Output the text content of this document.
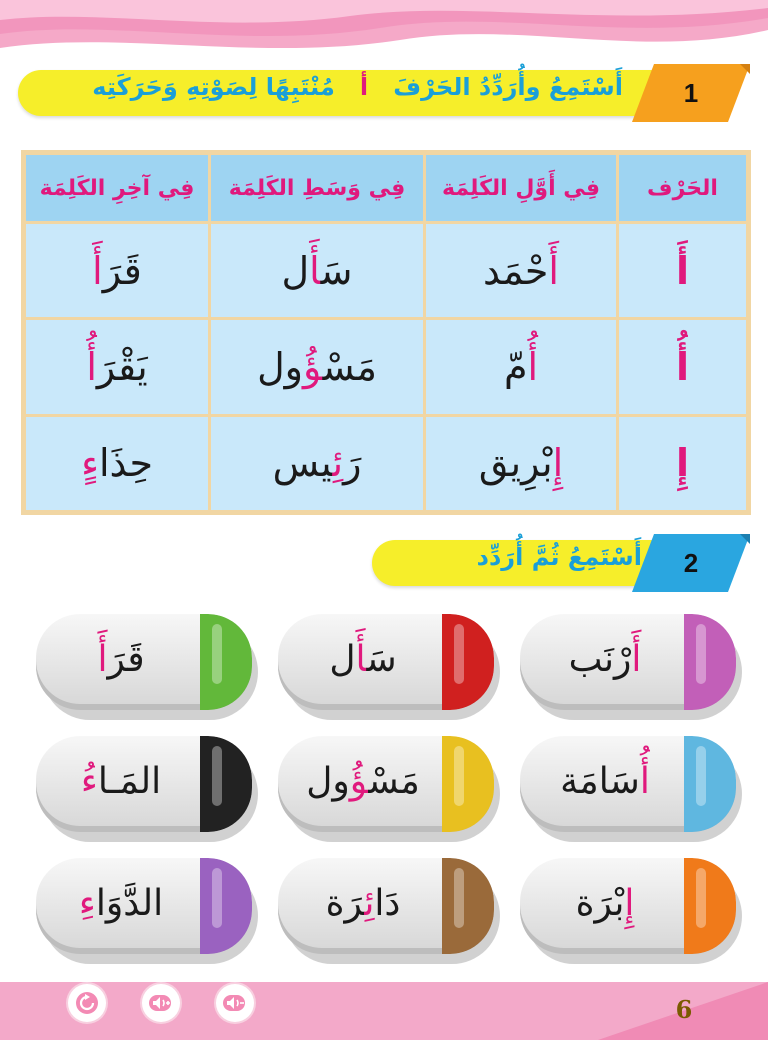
أَسْتَمِعُ وأُرَدِّدُ الحَرْفَ   أ   مُنْتَبِهًا لِصَوْتِهِ وَحَرَكَتِه	1
فِي آخِرِ الكَلِمَة	فِي وَسَطِ الكَلِمَة	فِي أَوَّلِ الكَلِمَة	الحَرْف
قَرَأَ	سَأَل	أَحْمَد	أَ
يَقْرَأُ	مَسْؤُول	أُمّ	أُ
حِذَاءٍ	رَئِيس	إِبْرِيق	إِ
أَسْتَمِعُ ثُمَّ أُرَدِّد	2
أَرْنَب
سَأَل
قَرَأَ
أُسَامَة
مَسْؤُول
المَـاءُ
إِبْرَة
دَائِرَة
الدَّوَاءِ
6
